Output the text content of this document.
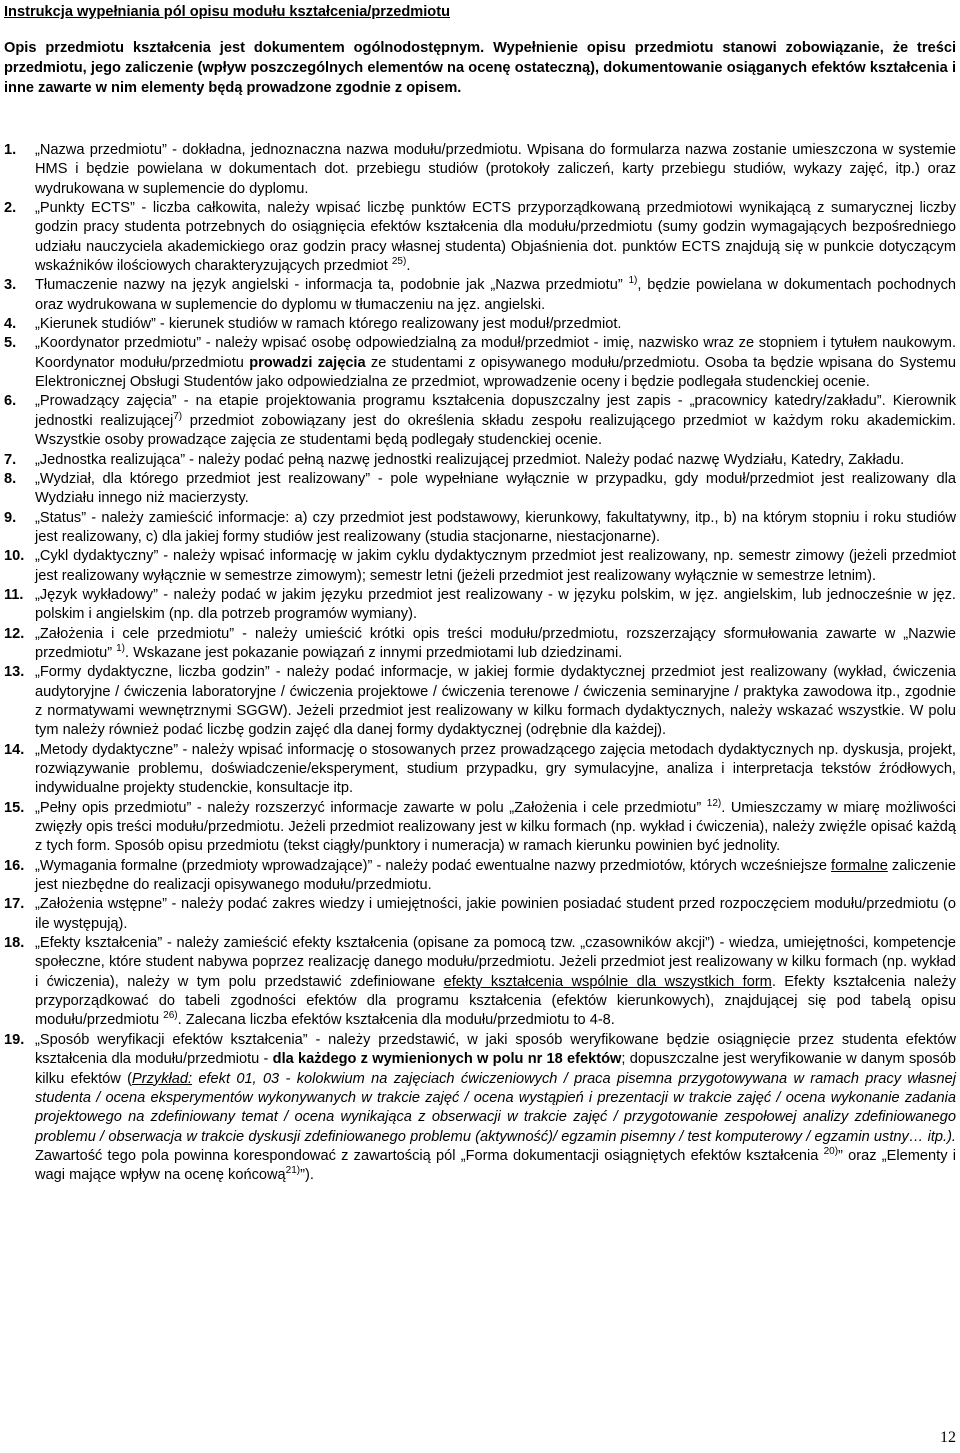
Instrukcja wypełniania pól opisu modułu kształcenia/przedmiotu
Opis przedmiotu kształcenia jest dokumentem ogólnodostępnym. Wypełnienie opisu przedmiotu stanowi zobowiązanie, że treści przedmiotu, jego zaliczenie (wpływ poszczególnych elementów na ocenę ostateczną), dokumentowanie osiąganych efektów kształcenia i inne zawarte w nim elementy będą prowadzone zgodnie z opisem.
1.	„Nazwa przedmiotu” - dokładna, jednoznaczna nazwa modułu/przedmiotu. Wpisana do formularza nazwa zostanie umieszczona w systemie HMS i będzie powielana w dokumentach dot. przebiegu studiów (protokoły zaliczeń, karty przebiegu studiów, wykazy zajęć, itp.) oraz wydrukowana w suplemencie do dyplomu.
2.	„Punkty ECTS” - liczba całkowita, należy wpisać liczbę punktów ECTS przyporządkowaną przedmiotowi wynikającą z sumarycznej liczby godzin pracy studenta potrzebnych do osiągnięcia efektów kształcenia dla modułu/przedmiotu (sumy godzin wymagających bezpośredniego udziału nauczyciela akademickiego oraz godzin pracy własnej studenta) Objaśnienia dot. punktów ECTS znajdują się w punkcie dotyczącym wskaźników ilościowych charakteryzujących przedmiot $^{25)}$.
3.	Tłumaczenie nazwy na język angielski - informacja ta, podobnie jak „Nazwa przedmiotu” $^{1)}$, będzie powielana w dokumentach pochodnych oraz wydrukowana w suplemencie do dyplomu w tłumaczeniu na jęz. angielski.
4.	„Kierunek studiów” - kierunek studiów w ramach którego realizowany jest moduł/przedmiot.
5.	„Koordynator przedmiotu” - należy wpisać osobę odpowiedzialną za moduł/przedmiot - imię, nazwisko wraz ze stopniem i tytułem naukowym. Koordynator modułu/przedmiotu prowadzi zajęcia ze studentami z opisywanego modułu/przedmiotu. Osoba ta będzie wpisana do Systemu Elektronicznej Obsługi Studentów jako odpowiedzialna ze przedmiot, wprowadzenie oceny i będzie podlegała studenckiej ocenie.
6.	„Prowadzący zajęcia” - na etapie projektowania programu kształcenia dopuszczalny jest zapis - „pracownicy katedry/zakładu”. Kierownik jednostki realizującej$^{7)}$ przedmiot zobowiązany jest do określenia składu zespołu realizującego przedmiot w każdym roku akademickim. Wszystkie osoby prowadzące zajęcia ze studentami będą podlegały studenckiej ocenie.
7.	„Jednostka realizująca” - należy podać pełną nazwę jednostki realizującej przedmiot. Należy podać nazwę Wydziału, Katedry, Zakładu.
8.	„Wydział, dla którego przedmiot jest realizowany” - pole wypełniane wyłącznie w przypadku, gdy moduł/przedmiot jest realizowany dla Wydziału innego niż macierzysty.
9.	„Status” - należy zamieścić informacje: a) czy przedmiot jest podstawowy, kierunkowy, fakultatywny, itp., b) na którym stopniu i roku studiów jest realizowany, c) dla jakiej formy studiów jest realizowany (studia stacjonarne, niestacjonarne).
10. „Cykl dydaktyczny” - należy wpisać informację w jakim cyklu dydaktycznym przedmiot jest realizowany, np. semestr zimowy (jeżeli przedmiot jest realizowany wyłącznie w semestrze zimowym); semestr letni (jeżeli przedmiot jest realizowany wyłącznie w semestrze letnim).
11. „Język wykładowy” - należy podać w jakim języku przedmiot jest realizowany - w języku polskim, w jęz. angielskim, lub jednocześnie w jęz. polskim i angielskim (np. dla potrzeb programów wymiany).
12. „Założenia i cele przedmiotu” - należy umieścić krótki opis treści modułu/przedmiotu, rozszerzający sformułowania zawarte w „Nazwie przedmiotu” $^{1)}$. Wskazane jest pokazanie powiązań z innymi przedmiotami lub dziedzinami.
13. „Formy dydaktyczne, liczba godzin” - należy podać informacje, w jakiej formie dydaktycznej przedmiot jest realizowany (wykład, ćwiczenia audytoryjne / ćwiczenia laboratoryjne / ćwiczenia projektowe / ćwiczenia terenowe / ćwiczenia seminaryjne / praktyka zawodowa itp., zgodnie z normatywami wewnętrznymi SGGW). Jeżeli przedmiot jest realizowany w kilku formach dydaktycznych, należy wskazać wszystkie. W polu tym należy również podać liczbę godzin zajęć dla danej formy dydaktycznej (odrębnie dla każdej).
14. „Metody dydaktyczne” - należy wpisać informację o stosowanych przez prowadzącego zajęcia metodach dydaktycznych np. dyskusja, projekt, rozwiązywanie problemu, doświadczenie/eksperyment, studium przypadku, gry symulacyjne, analiza i interpretacja tekstów źródłowych, indywidualne projekty studenckie, konsultacje itp.
15. „Pełny opis przedmiotu” - należy rozszerzyć informacje zawarte w polu „Założenia i cele przedmiotu” $^{12)}$. Umieszczamy w miarę możliwości zwięzły opis treści modułu/przedmiotu. Jeżeli przedmiot realizowany jest w kilku formach (np. wykład i ćwiczenia), należy zwięźle opisać każdą z tych form. Sposób opisu przedmiotu (tekst ciągły/punktory i numeracja) w ramach kierunku powinien być jednolity.
16. „Wymagania formalne (przedmioty wprowadzające)” - należy podać ewentualne nazwy przedmiotów, których wcześniejsze formalne zaliczenie jest niezbędne do realizacji opisywanego modułu/przedmiotu.
17. „Założenia wstępne” - należy podać zakres wiedzy i umiejętności, jakie powinien posiadać student przed rozpoczęciem modułu/przedmiotu (o ile występują).
18. „Efekty kształcenia” - należy zamieścić efekty kształcenia (opisane za pomocą tzw. „czasowników akcji”) - wiedza, umiejętności, kompetencje społeczne, które student nabywa poprzez realizację danego modułu/przedmiotu. Jeżeli przedmiot jest realizowany w kilku formach (np. wykład i ćwiczenia), należy w tym polu przedstawić zdefiniowane efekty kształcenia wspólnie dla wszystkich form. Efekty kształcenia należy przyporządkować do tabeli zgodności efektów dla programu kształcenia (efektów kierunkowych), znajdującej się pod tabelą opisu modułu/przedmiotu $^{26)}$. Zalecana liczba efektów kształcenia dla modułu/przedmiotu to 4-8.
19. „Sposób weryfikacji efektów kształcenia” - należy przedstawić, w jaki sposób weryfikowane będzie osiągnięcie przez studenta efektów kształcenia dla modułu/przedmiotu - dla każdego z wymienionych w polu nr 18 efektów; dopuszczalne jest weryfikowanie w danym sposób kilku efektów (Przykład: efekt 01, 03 - kolokwium na zajęciach ćwiczeniowych / praca pisemna przygotowywana w ramach pracy własnej studenta / ocena eksperymentów wykonywanych w trakcie zajęć / ocena wystąpień i prezentacji w trakcie zajęć / ocena wykonanie zadania projektowego na zdefiniowany temat / ocena wynikająca z obserwacji w trakcie zajęć / przygotowanie zespołowej analizy zdefiniowanego problemu / obserwacja w trakcie dyskusji zdefiniowanego problemu (aktywność)/ egzamin pisemny / test komputerowy / egzamin ustny… itp.). Zawartość tego pola powinna korespondować z zawartością pól „Forma dokumentacji osiągniętych efektów kształcenia $^{20)}$” oraz „Elementy i wagi mające wpływ na ocenę końcową$^{21)}$”).
12
